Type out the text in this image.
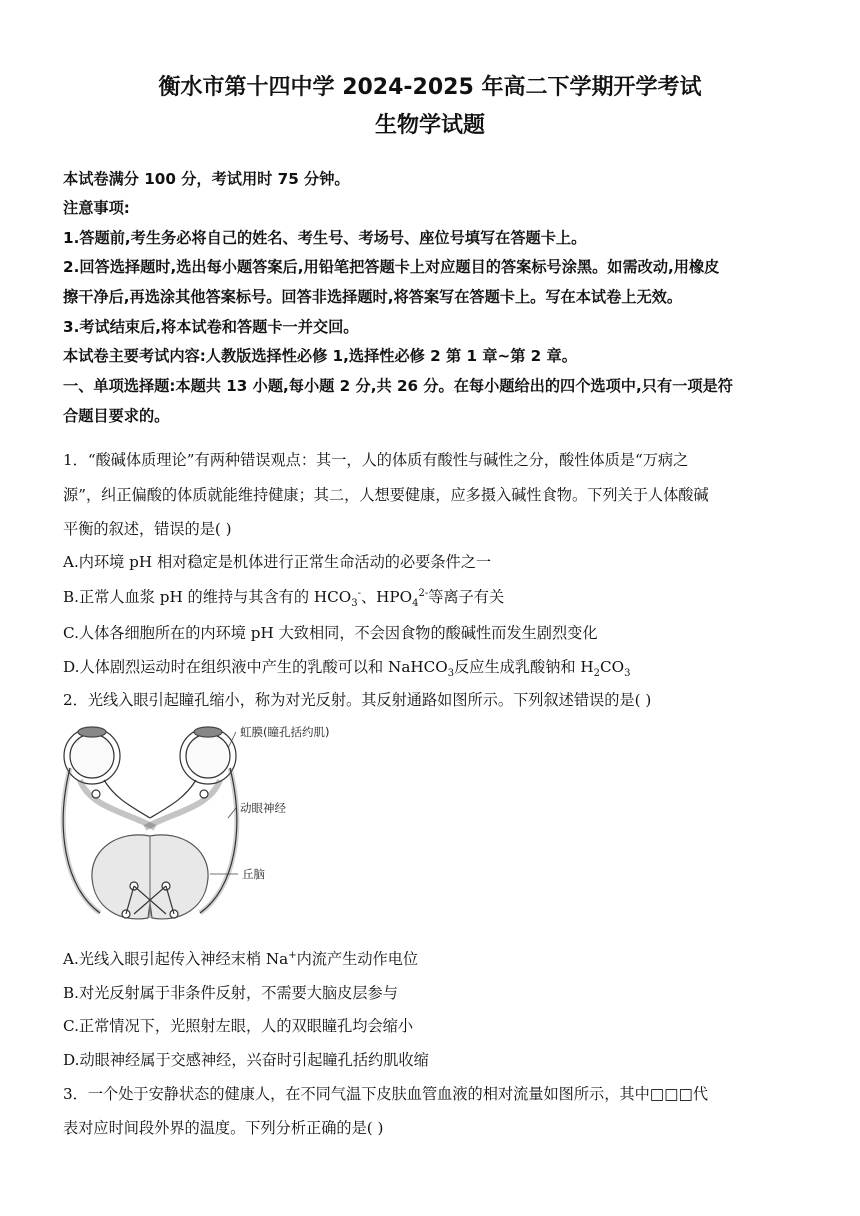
衡水市第十四中学 2024-2025 年高二下学期开学考试
生物学试题
本试卷满分 100 分，考试用时 75 分钟。
注意事项:
1.答题前,考生务必将自己的姓名、考生号、考场号、座位号填写在答题卡上。
2.回答选择题时,选出每小题答案后,用铅笔把答题卡上对应题目的答案标号涂黑。如需改动,用橡皮
擦干净后,再选涂其他答案标号。回答非选择题时,将答案写在答题卡上。写在本试卷上无效。
3.考试结束后,将本试卷和答题卡一并交回。
本试卷主要考试内容:人教版选择性必修 1,选择性必修 2 第 1 章~第 2 章。
一、单项选择题:本题共 13 小题,每小题 2 分,共 26 分。在每小题给出的四个选项中,只有一项是符
合题目要求的。
1．“酸碱体质理论”有两种错误观点：其一，人的体质有酸性与碱性之分，酸性体质是“万病之
源”，纠正偏酸的体质就能维持健康；其二，人想要健康，应多摄入碱性食物。下列关于人体酸碱
平衡的叙述，错误的是( )
A.内环境 pH 相对稳定是机体进行正常生命活动的必要条件之一
B.正常人血浆 pH 的维持与其含有的 $HCO_3^-$、$HPO_4^{2-}$等离子有关
C.人体各细胞所在的内环境 pH 大致相同，不会因食物的酸碱性而发生剧烈变化
D.人体剧烈运动时在组织液中产生的乳酸可以和 NaHCO$_3$反应生成乳酸钠和 $H_2CO_3$
2．光线入眼引起瞳孔缩小，称为对光反射。其反射通路如图所示。下列叙述错误的是( )
虹膜(瞳孔括约肌)
动眼神经
丘脑
A.光线入眼引起传入神经末梢 Na+内流产生动作电位
B.对光反射属于非条件反射，不需要大脑皮层参与
C.正常情况下，光照射左眼，人的双眼瞳孔均会缩小
D.动眼神经属于交感神经，兴奋时引起瞳孔括约肌收缩
3．一个处于安静状态的健康人，在不同气温下皮肤血管血液的相对流量如图所示，其中□□□代
表对应时间段外界的温度。下列分析正确的是( )
